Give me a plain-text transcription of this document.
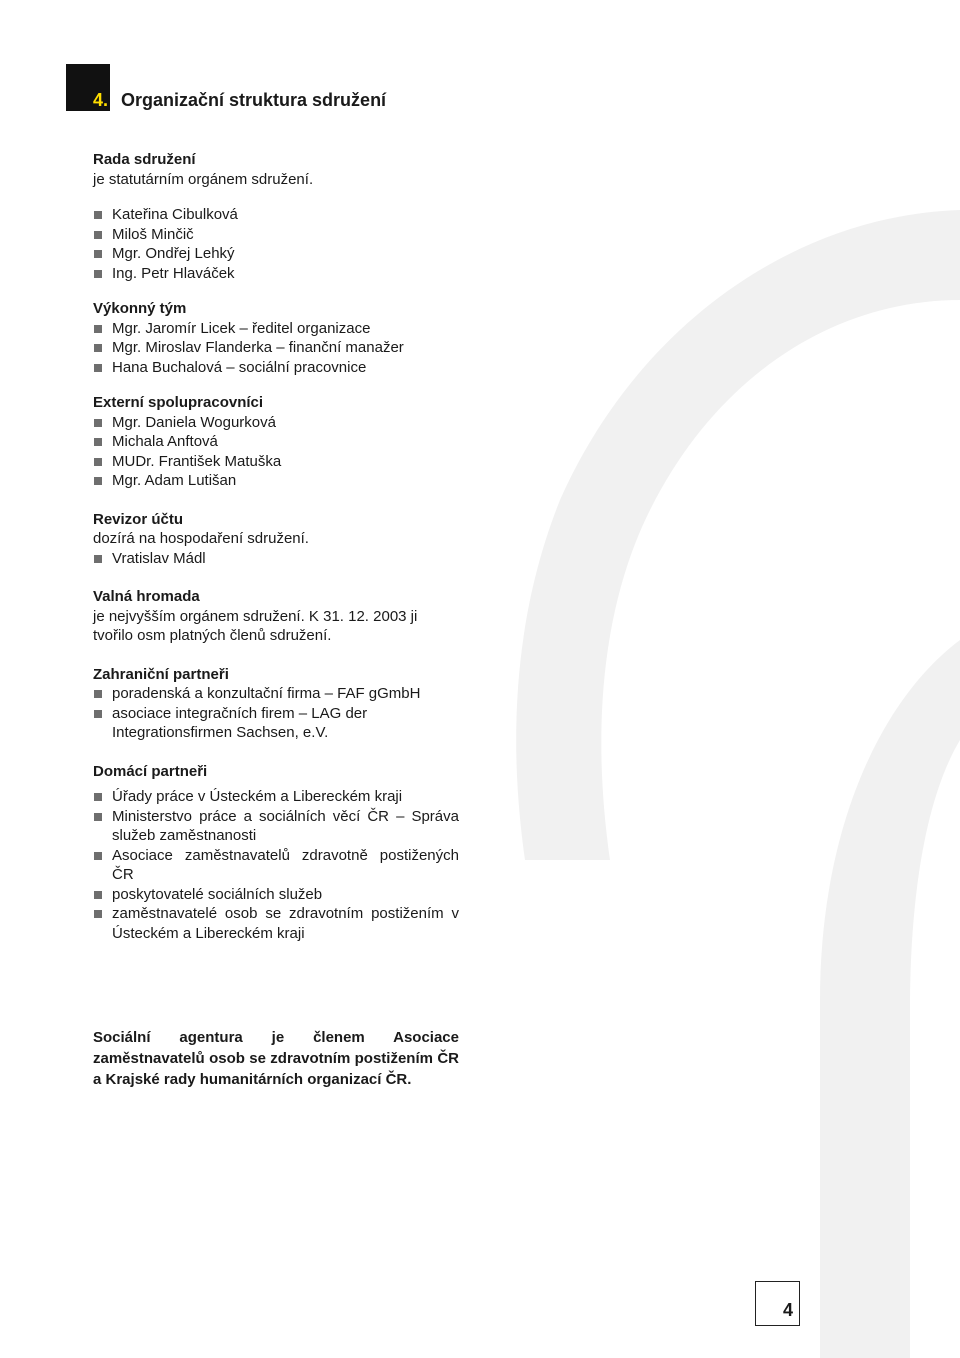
4. Organizační struktura sdružení
Rada sdružení

je statutárním orgánem sdružení.

Kateřina Cibulková
Miloš Minčič
Mgr. Ondřej Lehký
Ing. Petr Hlaváček
Výkonný tým
Mgr. Jaromír Licek – ředitel organizace
Mgr. Miroslav Flanderka – finanční manažer
Hana Buchalová – sociální pracovnice
Externí spolupracovníci
Mgr. Daniela Wogurková
Michala Anftová
MUDr. František Matuška
Mgr. Adam Lutišan
Revizor účtu

dozírá na hospodaření sdružení.

Vratislav Mádl
Valná hromada

je nejvyšším orgánem sdružení. K 31. 12. 2003 ji tvořilo osm platných členů sdružení.

Zahraniční partneři
poradenská a konzultační firma – FAF gGmbH
asociace integračních firem – LAG der Integrationsfirmen Sachsen, e.V.
Domácí partneři
Úřady práce v Ústeckém a Libereckém kraji
Ministerstvo práce a sociálních věcí ČR – Správa služeb zaměstnanosti
Asociace zaměstnavatelů zdravotně postižených ČR
poskytovatelé sociálních služeb
zaměstnavatelé osob se zdravotním postižením v Ústeckém a Libereckém kraji

Sociální agentura je členem Asociace zaměstnavatelů osob se zdravotním postižením ČR a Krajské rady humanitárních organizací ČR.

4
